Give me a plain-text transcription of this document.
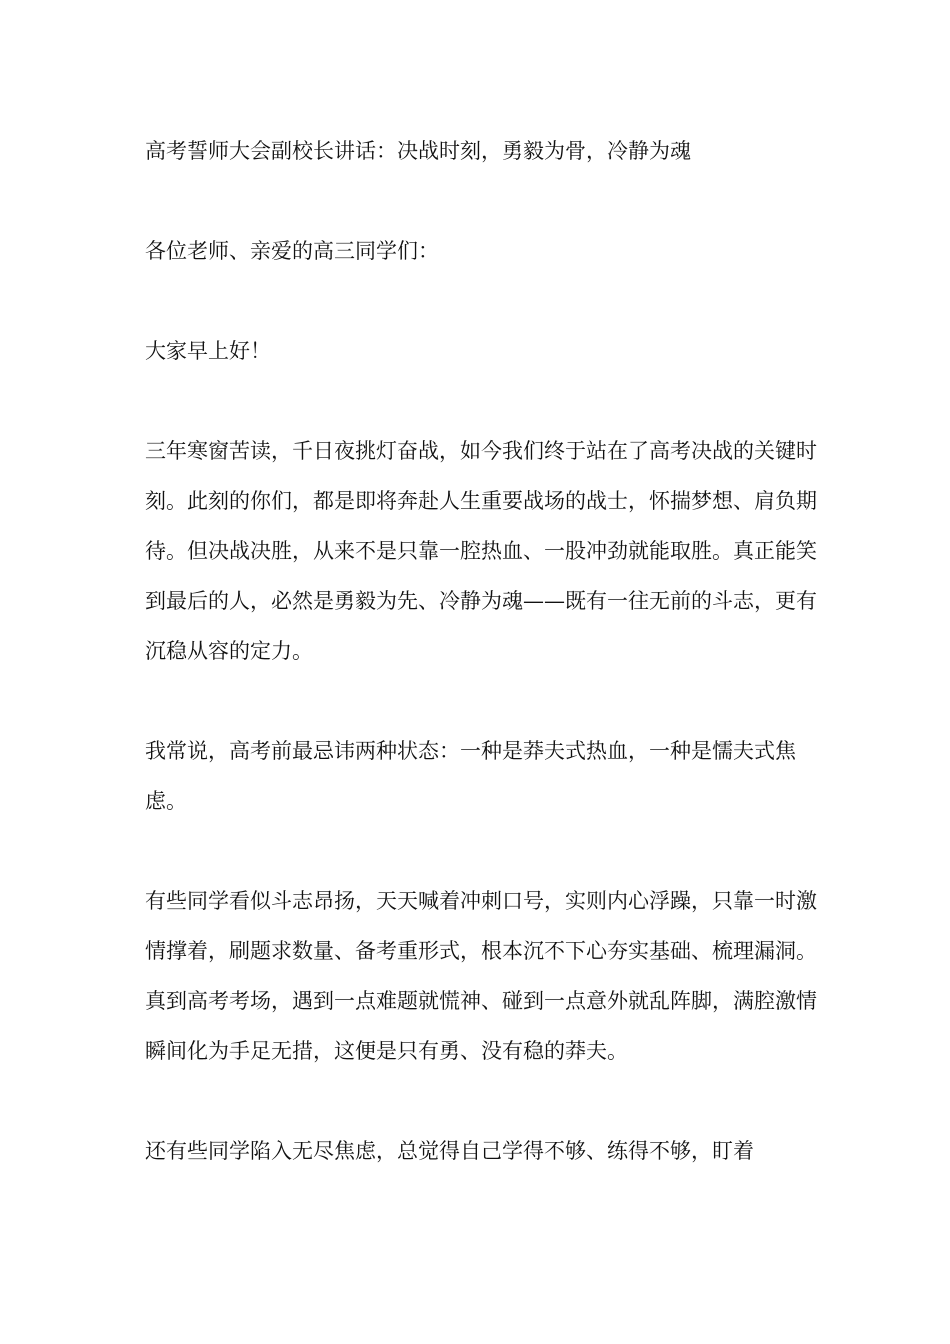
高考誓师大会副校长讲话：决战时刻，勇毅为骨，冷静为魂

各位老师、亲爱的高三同学们：

大家早上好！

三年寒窗苦读，千日夜挑灯奋战，如今我们终于站在了高考决战的关键时刻。此刻的你们，都是即将奔赴人生重要战场的战士，怀揣梦想、肩负期待。但决战决胜，从来不是只靠一腔热血、一股冲劲就能取胜。真正能笑到最后的人，必然是勇毅为先、冷静为魂——既有一往无前的斗志，更有沉稳从容的定力。

我常说，高考前最忌讳两种状态：一种是莽夫式热血，一种是懦夫式焦虑。

有些同学看似斗志昂扬，天天喊着冲刺口号，实则内心浮躁，只靠一时激情撑着，刷题求数量、备考重形式，根本沉不下心夯实基础、梳理漏洞。真到高考考场，遇到一点难题就慌神、碰到一点意外就乱阵脚，满腔激情瞬间化为手足无措，这便是只有勇、没有稳的莽夫。

还有些同学陷入无尽焦虑，总觉得自己学得不够、练得不够，盯着
